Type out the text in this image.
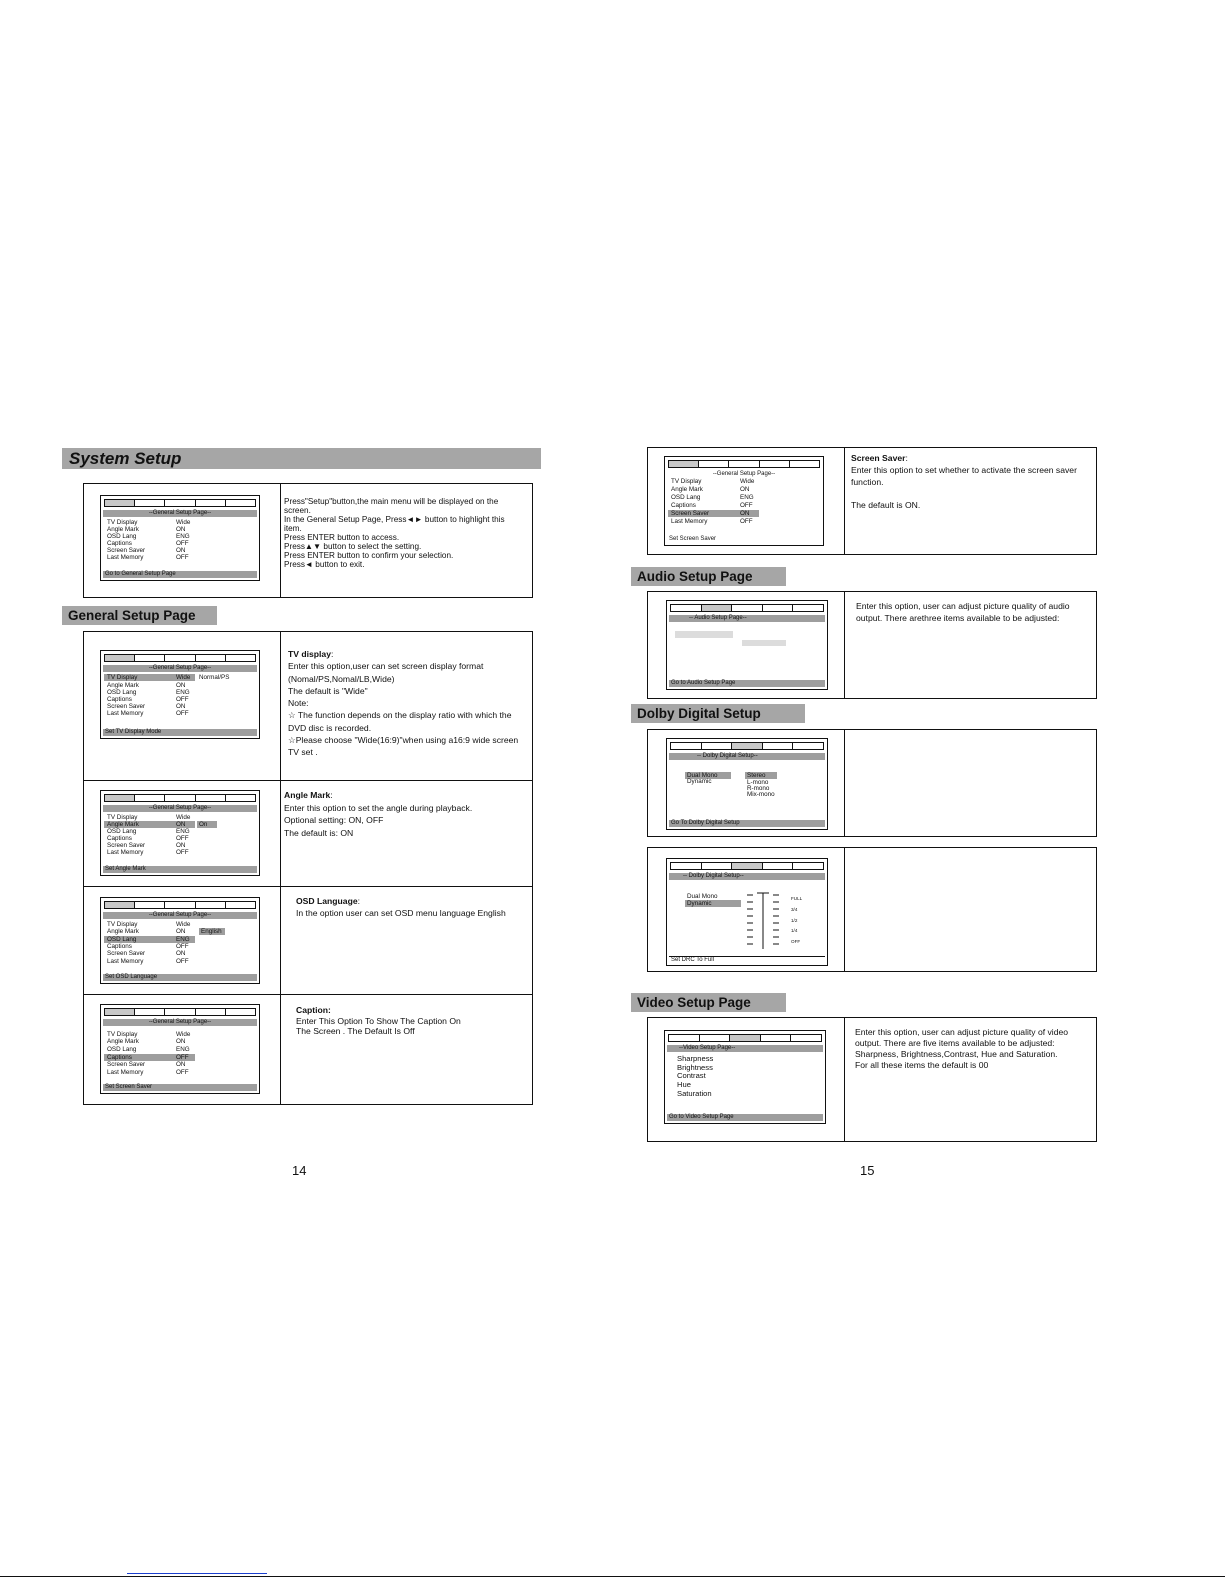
System Setup
--General Setup Page--
TV Display	Wide
Angle Mark	ON
OSD Lang	ENG
Captions	OFF
Screen Saver	ON
Last Memory	OFF
Go to General Setup Page

Press"Setup"button,the main menu will be displayed on the

screen.

In the General Setup Page, Press◄► button to highlight this

item.

Press ENTER button to access.

Press▲▼ button to select the setting.

Press ENTER button to confirm your selection.

Press◄ button to exit.

General Setup Page
--General Setup Page--
TV Display	Wide Normal/PS
Angle Mark	ON
OSD Lang	ENG
Captions	OFF
Screen Saver	ON
Last Memory	OFF
Set TV Display Mode

TV display:

Enter this option,user can set screen display format

(Nomal/PS,Nomal/LB,Wide)

The default is "Wide"

Note:

☆ The function depends on the display ratio with which the

DVD disc is recorded.

☆Please choose "Wide(16:9)"when using a16:9 wide screen

TV set .

--General Setup Page--
TV Display	Wide
Angle Mark	ON	On
OSD Lang	ENG
Captions	OFF
Screen Saver	ON
Last Memory	OFF
Set Angle Mark

Angle Mark:

Enter this option to set the angle during playback.

Optional setting: ON, OFF

The default is: ON

--General Setup Page--
TV Display	Wide
Angle Mark	ON
OSD Lang	ENG
English
Captions	OFF
Screen Saver	ON
Last Memory	OFF
Set OSD Language

OSD Language:

In the option user can set OSD menu language English

--General Setup Page--
TV Display	Wide
Angle Mark	ON
OSD Lang	ENG
Captions	OFF
Screen Saver	ON
Last Memory	OFF
Set Screen Saver

Caption:

Enter This Option To Show The Caption On

The Screen . The Default Is Off

14
--General Setup Page--
TV Display	Wide
Angle Mark	ON
OSD Lang	ENG
Captions	OFF
Screen Saver	ON
Last Memory	OFF
Set Screen Saver

Screen Saver:

Enter this option to set whether to activate the screen saver

function.

The default is ON.

Audio Setup Page
-- Audio Setup Page--
Go to Audio Setup Page

Enter this option, user can adjust picture quality of audio

output. There arethree items available to be adjusted:

Dolby Digital Setup
-- Dolby Digital Setup--
Dual Mono
Dynamic
Stereo
L-mono
R-mono
Mix-mono
Go To Dolby Digital Setup
-- Dolby Digital Setup--
Dual Mono
Dynamic
FULL
3/4
1/2
1/4
OFF
Set DRC To Full
Video Setup Page
--Video Setup Page--
Sharpness
Brightness
Contrast
Hue
Saturation
Go to Video Setup Page

Enter this option, user can adjust picture quality of video

output. There are five items available to be adjusted:

Sharpness, Brightness,Contrast, Hue and Saturation.

For all these items the default is 00

15
